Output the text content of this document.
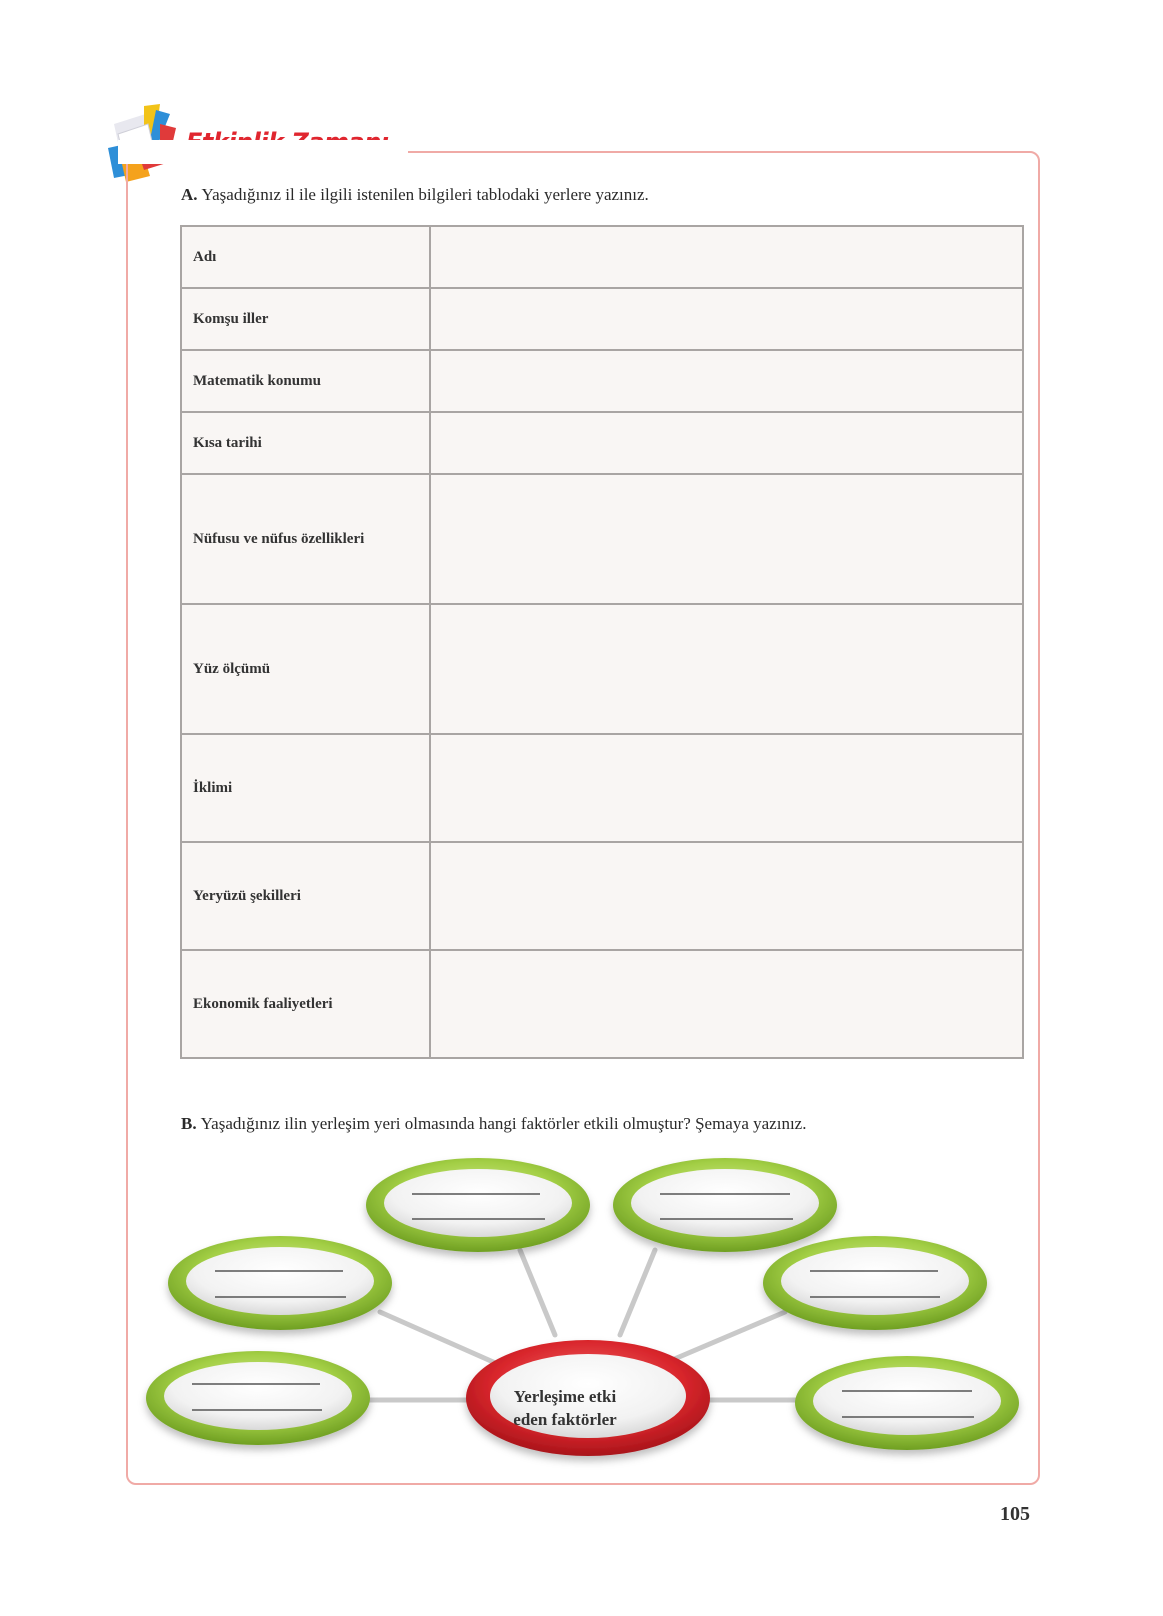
A. Yaşadığınız il ile ilgili istenilen bilgileri tablodaki yerlere yazınız.
Adı	
Komşu iller	
Matematik konumu	
Kısa tarihi	
Nüfusu ve nüfus özellikleri	
Yüz ölçümü	
İklimi	
Yeryüzü şekilleri	
Ekonomik faaliyetleri	
B. Yaşadığınız ilin yerleşim yeri olmasında hangi faktörler etkili olmuştur? Şemaya yazınız.
Yerleşime etki
eden faktörler
105
